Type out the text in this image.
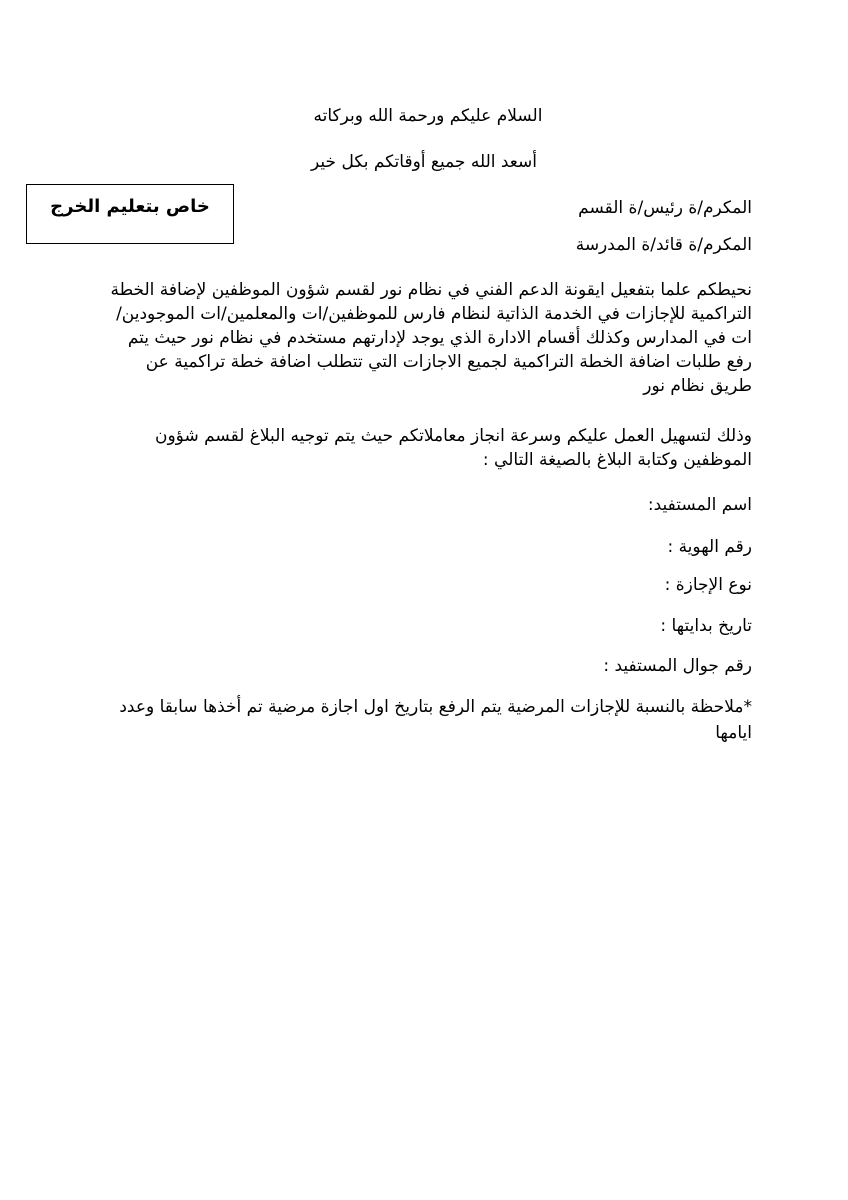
السلام عليكم ورحمة الله وبركاته
أسعد الله جميع أوقاتكم بكل خير
خاص بتعليم الخرج	المكرم/ة رئيس/ة القسم
المكرم/ة قائد/ة المدرسة
نحيطكم علما بتفعيل ايقونة الدعم الفني في نظام نور لقسم شؤون الموظفين لإضافة الخطة التراكمية للإجازات في الخدمة الذاتية لنظام فارس للموظفين/ات والمعلمين/ات الموجودين/ات في المدارس وكذلك أقسام الادارة الذي يوجد لإدارتهم مستخدم في نظام نور حيث يتم رفع طلبات اضافة الخطة التراكمية لجميع الاجازات التي تتطلب اضافة خطة تراكمية عن طريق نظام نور
وذلك لتسهيل العمل عليكم وسرعة انجاز معاملاتكم حيث يتم توجيه البلاغ لقسم شؤون الموظفين وكتابة البلاغ بالصيغة التالي :
اسم المستفيد:
رقم الهوية :
نوع الإجازة :
تاريخ بدايتها :
رقم جوال المستفيد :
*ملاحظة بالنسبة للإجازات المرضية يتم الرفع بتاريخ اول اجازة مرضية تم أخذها سابقا وعدد ايامها
